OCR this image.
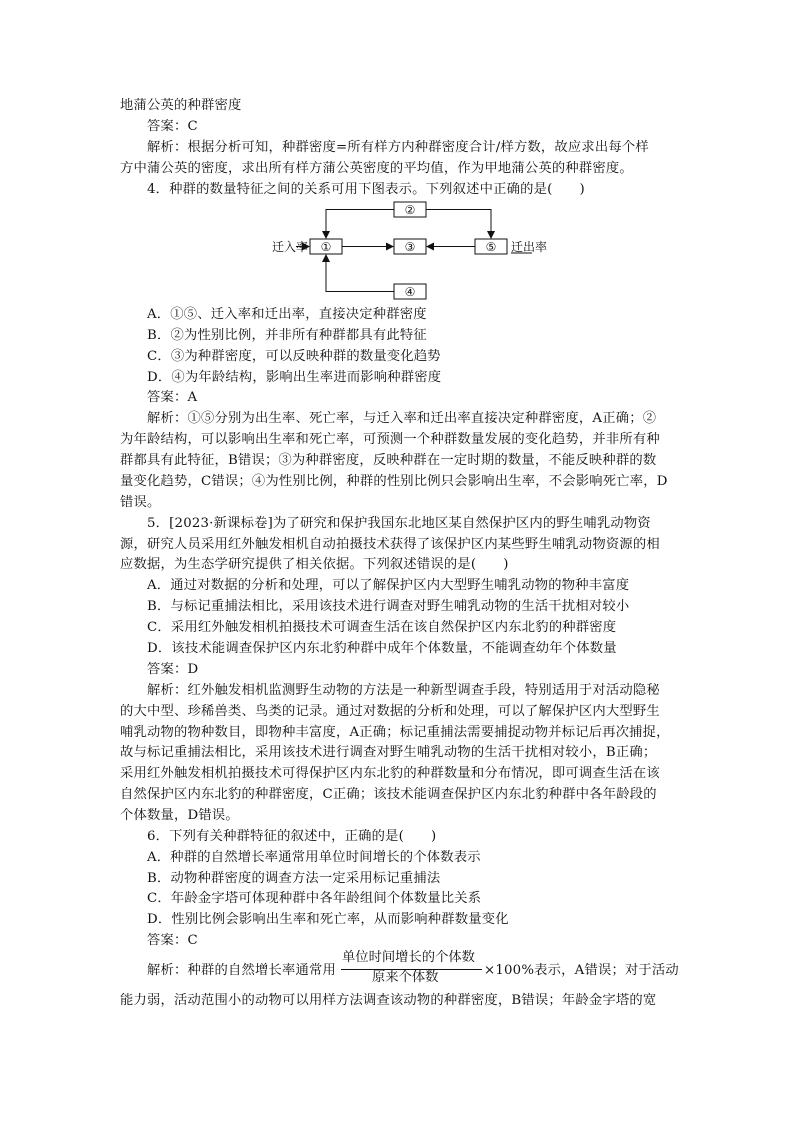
地蒲公英的种群密度
答案：C
解析：根据分析可知，种群密度=所有样方内种群密度合计/样方数，故应求出每个样
方中蒲公英的密度，求出所有样方蒲公英密度的平均值，作为甲地蒲公英的种群密度。
4．种群的数量特征之间的关系可用下图表示。下列叙述中正确的是(　　)
①
②
③
④
⑤
迁入率	迁出率
A．①⑤、迁入率和迁出率，直接决定种群密度
B．②为性别比例，并非所有种群都具有此特征
C．③为种群密度，可以反映种群的数量变化趋势
D．④为年龄结构，影响出生率进而影响种群密度
答案：A
解析：①⑤分别为出生率、死亡率，与迁入率和迁出率直接决定种群密度，A正确；②
为年龄结构，可以影响出生率和死亡率，可预测一个种群数量发展的变化趋势，并非所有种
群都具有此特征，B错误；③为种群密度，反映种群在一定时期的数量，不能反映种群的数
量变化趋势，C错误；④为性别比例，种群的性别比例只会影响出生率，不会影响死亡率，D
错误。
5．[2023·新课标卷]为了研究和保护我国东北地区某自然保护区内的野生哺乳动物资
源，研究人员采用红外触发相机自动拍摄技术获得了该保护区内某些野生哺乳动物资源的相
应数据，为生态学研究提供了相关依据。下列叙述错误的是(　　)
A．通过对数据的分析和处理，可以了解保护区内大型野生哺乳动物的物种丰富度
B．与标记重捕法相比，采用该技术进行调查对野生哺乳动物的生活干扰相对较小
C．采用红外触发相机拍摄技术可调查生活在该自然保护区内东北豹的种群密度
D．该技术能调查保护区内东北豹种群中成年个体数量，不能调查幼年个体数量
答案：D
解析：红外触发相机监测野生动物的方法是一种新型调查手段，特别适用于对活动隐秘
的大中型、珍稀兽类、鸟类的记录。通过对数据的分析和处理，可以了解保护区内大型野生
哺乳动物的物种数目，即物种丰富度，A正确；标记重捕法需要捕捉动物并标记后再次捕捉，
故与标记重捕法相比，采用该技术进行调查对野生哺乳动物的生活干扰相对较小，B正确；
采用红外触发相机拍摄技术可得保护区内东北豹的种群数量和分布情况，即可调查生活在该
自然保护区内东北豹的种群密度，C正确；该技术能调查保护区内东北豹种群中各年龄段的
个体数量，D错误。
6．下列有关种群特征的叙述中，正确的是(　　)
A．种群的自然增长率通常用单位时间增长的个体数表示
B．动物种群密度的调查方法一定采用标记重捕法
C．年龄金字塔可体现种群中各年龄组间个体数量比关系
D．性别比例会影响出生率和死亡率，从而影响种群数量变化
答案：C
解析：种群的自然增长率通常用
单位时间增长的个体数
原来个体数	×100%表示，A错误；对于活动
能力弱，活动范围小的动物可以用样方法调查该动物的种群密度，B错误；年龄金字塔的宽
